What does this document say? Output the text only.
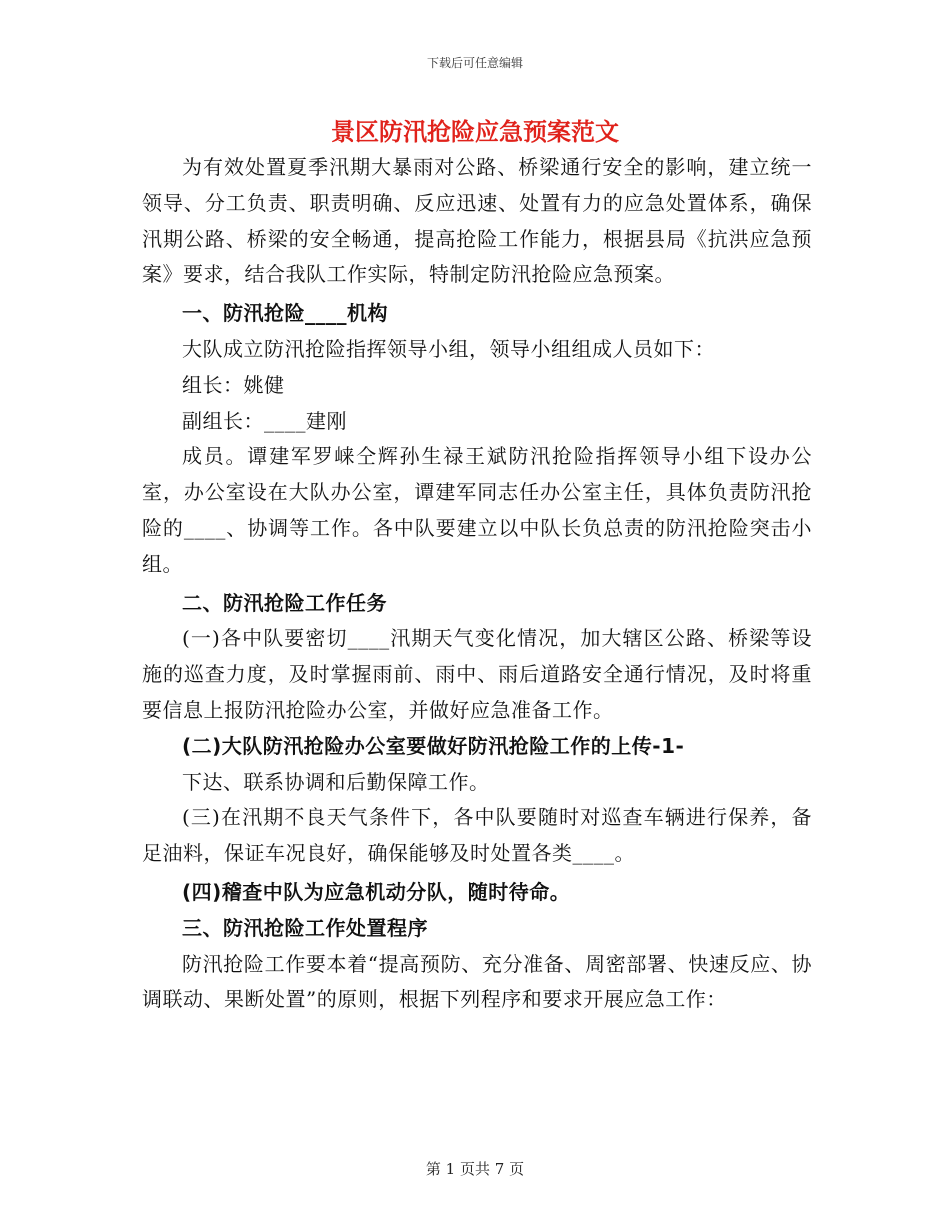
下载后可任意编辑
景区防汛抢险应急预案范文

为有效处置夏季汛期大暴雨对公路、桥梁通行安全的影响，建立统一领导、分工负责、职责明确、反应迅速、处置有力的应急处置体系，确保汛期公路、桥梁的安全畅通，提高抢险工作能力，根据县局《抗洪应急预案》要求，结合我队工作实际，特制定防汛抢险应急预案。

一、防汛抢险____机构

大队成立防汛抢险指挥领导小组，领导小组组成人员如下：

组长：姚健

副组长：____建刚

成员。谭建军罗崃仝辉孙生禄王斌防汛抢险指挥领导小组下设办公室，办公室设在大队办公室，谭建军同志任办公室主任，具体负责防汛抢险的____、协调等工作。各中队要建立以中队长负总责的防汛抢险突击小组。

二、防汛抢险工作任务

(一)各中队要密切____汛期天气变化情况，加大辖区公路、桥梁等设施的巡查力度，及时掌握雨前、雨中、雨后道路安全通行情况，及时将重要信息上报防汛抢险办公室，并做好应急准备工作。

(二)大队防汛抢险办公室要做好防汛抢险工作的上传-1-

下达、联系协调和后勤保障工作。

(三)在汛期不良天气条件下，各中队要随时对巡查车辆进行保养，备足油料，保证车况良好，确保能够及时处置各类____。

(四)稽查中队为应急机动分队，随时待命。

三、防汛抢险工作处置程序

防汛抢险工作要本着“提高预防、充分准备、周密部署、快速反应、协调联动、果断处置”的原则，根据下列程序和要求开展应急工作：

第 1 页共 7 页
